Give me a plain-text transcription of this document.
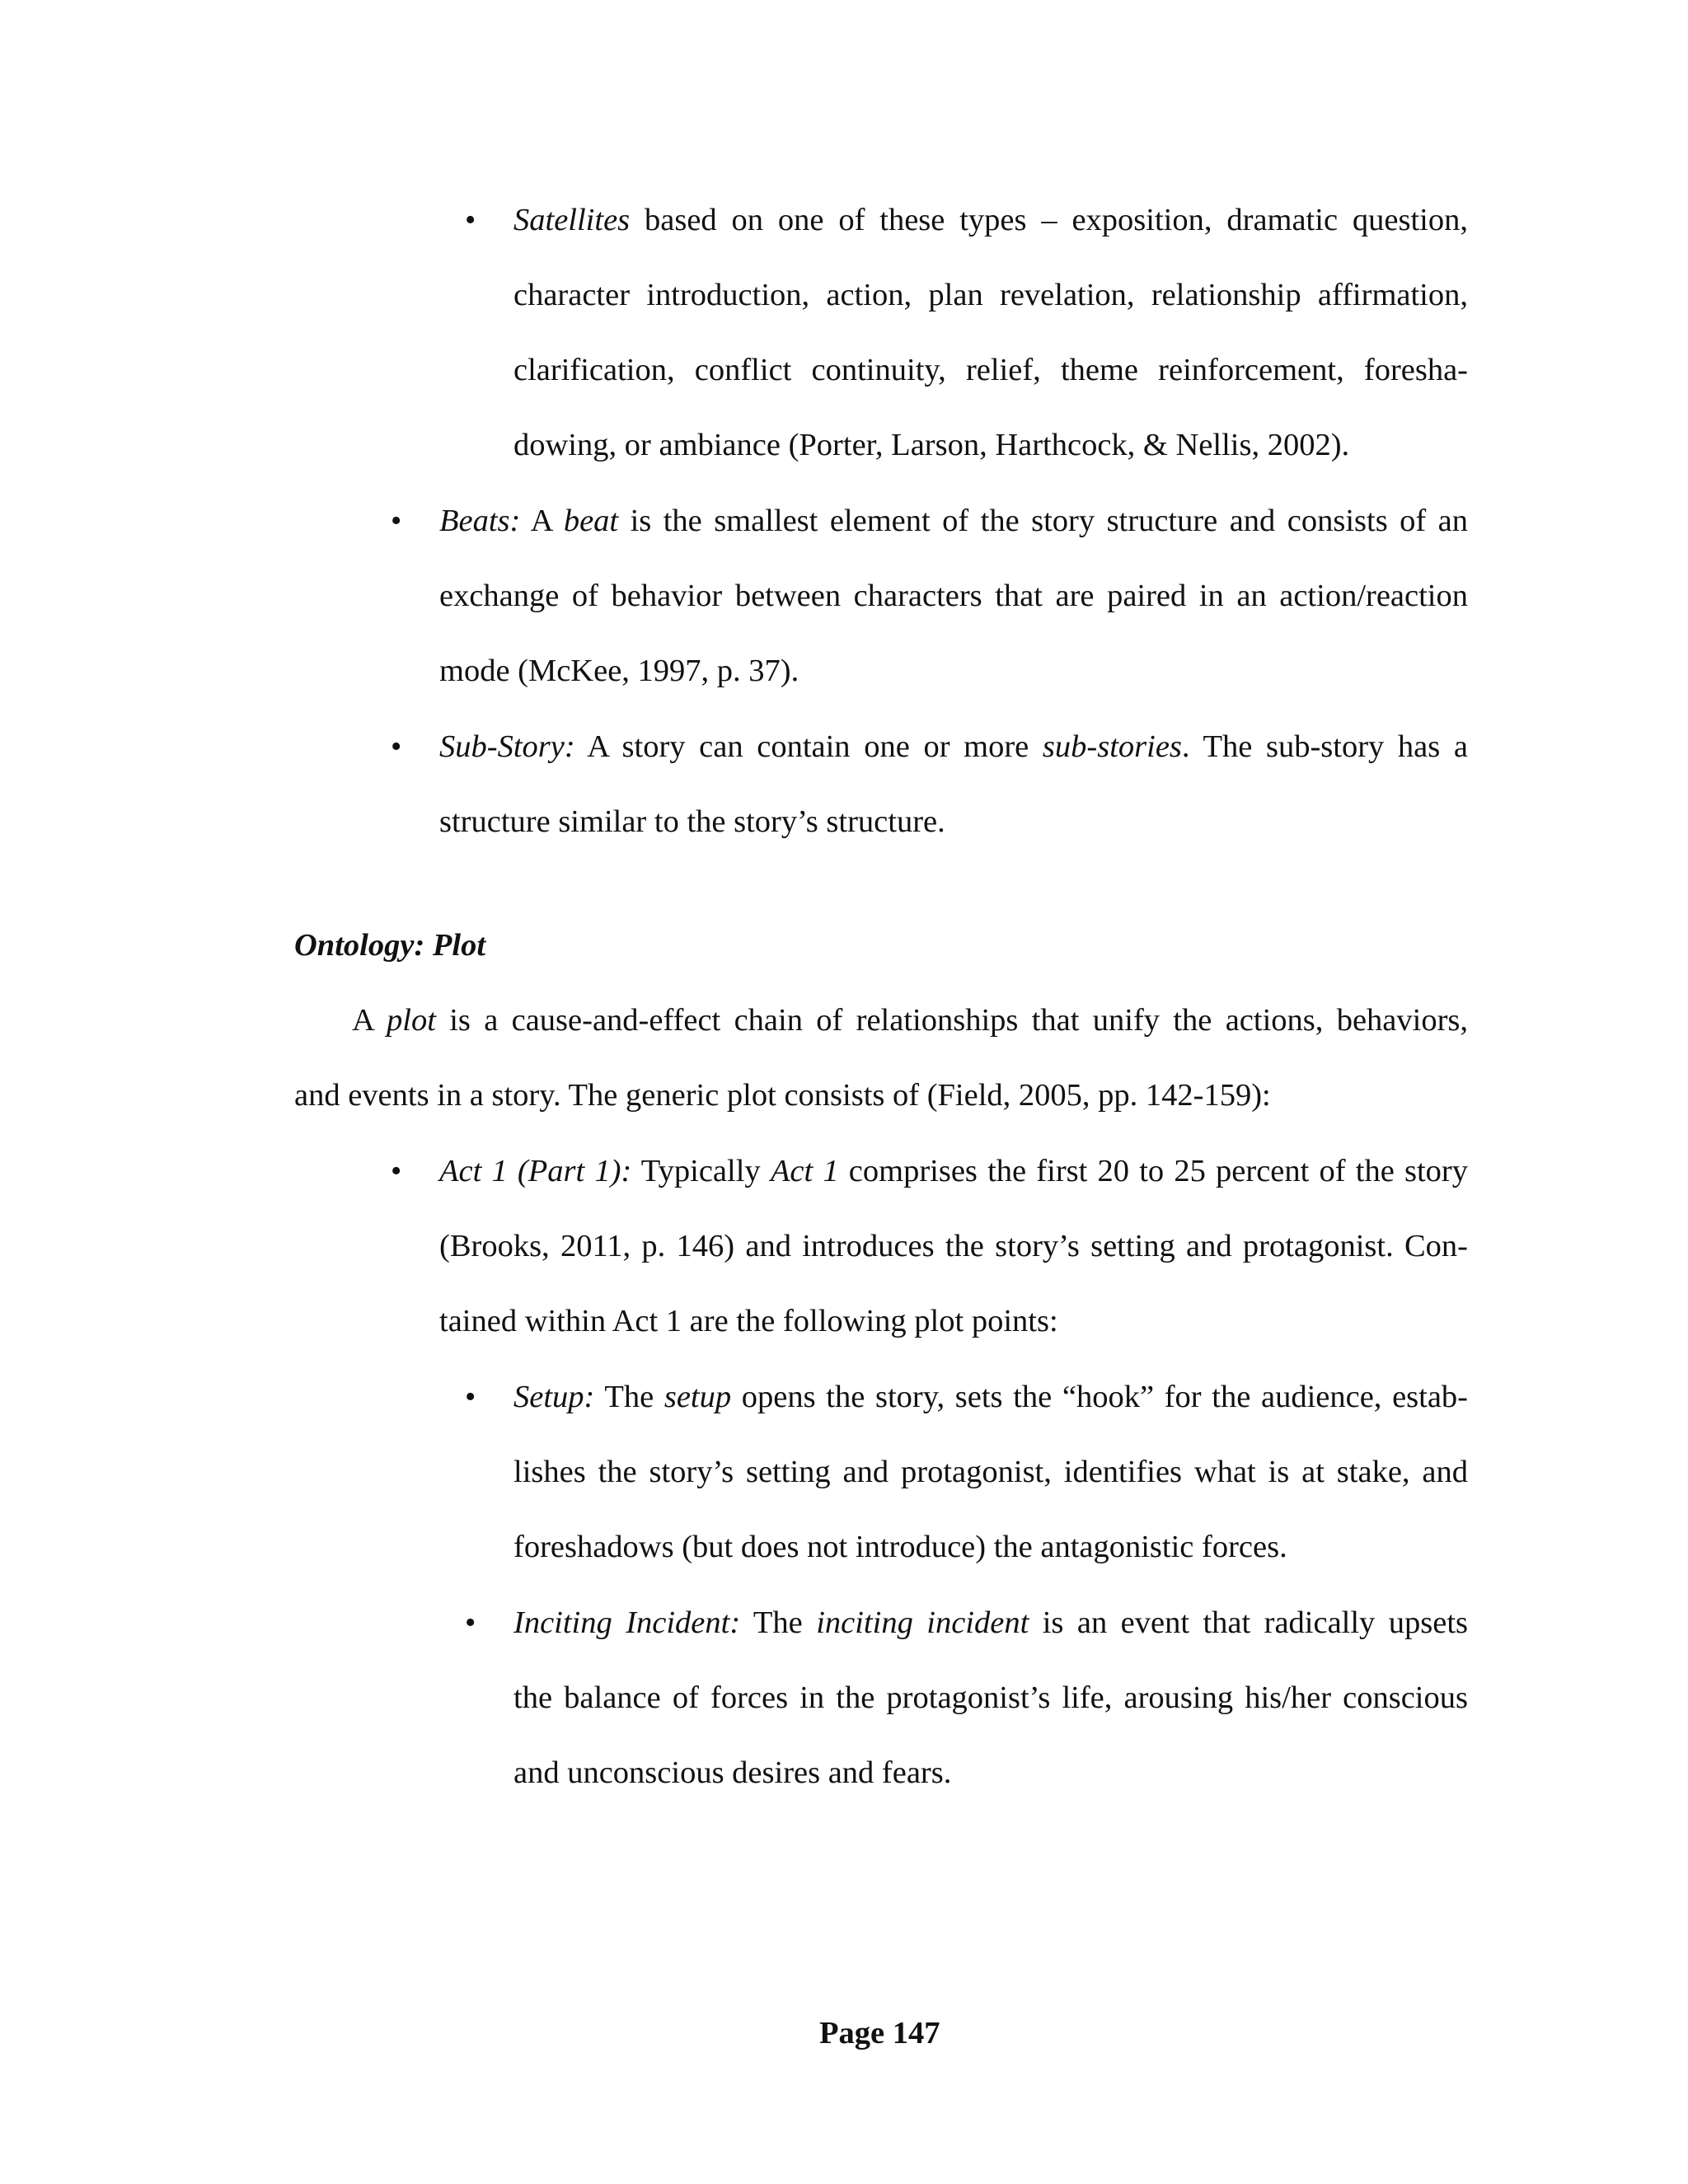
• Satellites based on one of these types – exposition, dramatic question,

character introduction, action, plan revelation, relationship affirmation,

clarification, conflict continuity, relief, theme reinforcement, foresha-

dowing, or ambiance (Porter, Larson, Harthcock, & Nellis, 2002).

• Beats: A beat is the smallest element of the story structure and consists of an

exchange of behavior between characters that are paired in an action/reaction

mode (McKee, 1997, p. 37).

• Sub-Story: A story can contain one or more sub-stories. The sub-story has a

structure similar to the story’s structure.

Ontology: Plot

A plot is a cause-and-effect chain of relationships that unify the actions, behaviors,

and events in a story. The generic plot consists of (Field, 2005, pp. 142-159):

• Act 1 (Part 1): Typically Act 1 comprises the first 20 to 25 percent of the story

(Brooks, 2011, p. 146) and introduces the story’s setting and protagonist. Con-

tained within Act 1 are the following plot points:

• Setup: The setup opens the story, sets the “hook” for the audience, estab-

lishes the story’s setting and protagonist, identifies what is at stake, and

foreshadows (but does not introduce) the antagonistic forces.

• Inciting Incident: The inciting incident is an event that radically upsets

the balance of forces in the protagonist’s life, arousing his/her conscious

and unconscious desires and fears.

Page 147
